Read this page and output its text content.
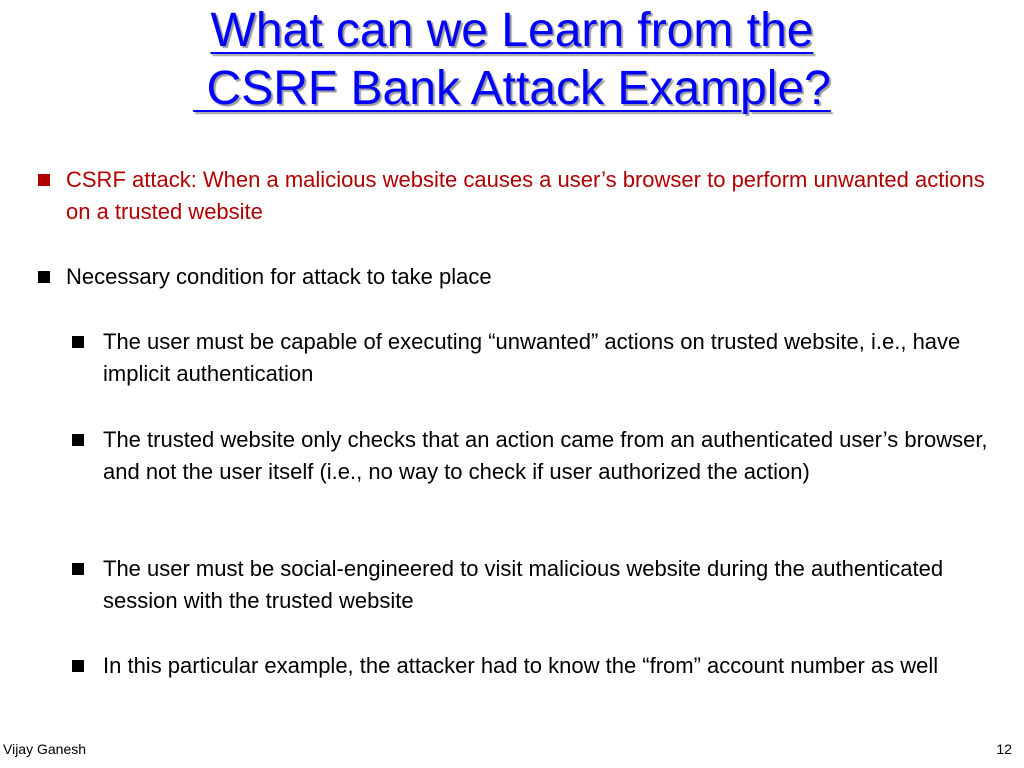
What can we Learn from the
CSRF Bank Attack Example?
CSRF attack: When a malicious website causes a user’s browser to perform unwanted actions on a trusted website
Necessary condition for attack to take place
The user must be capable of executing “unwanted” actions on trusted website, i.e., have implicit authentication
The trusted website only checks that an action came from an authenticated user’s browser, and not the user itself (i.e., no way to check if user authorized the action)
The user must be social-engineered to visit malicious website during the authenticated session with the trusted website
In this particular example, the attacker had to know the “from” account number as well
Vijay Ganesh	12
